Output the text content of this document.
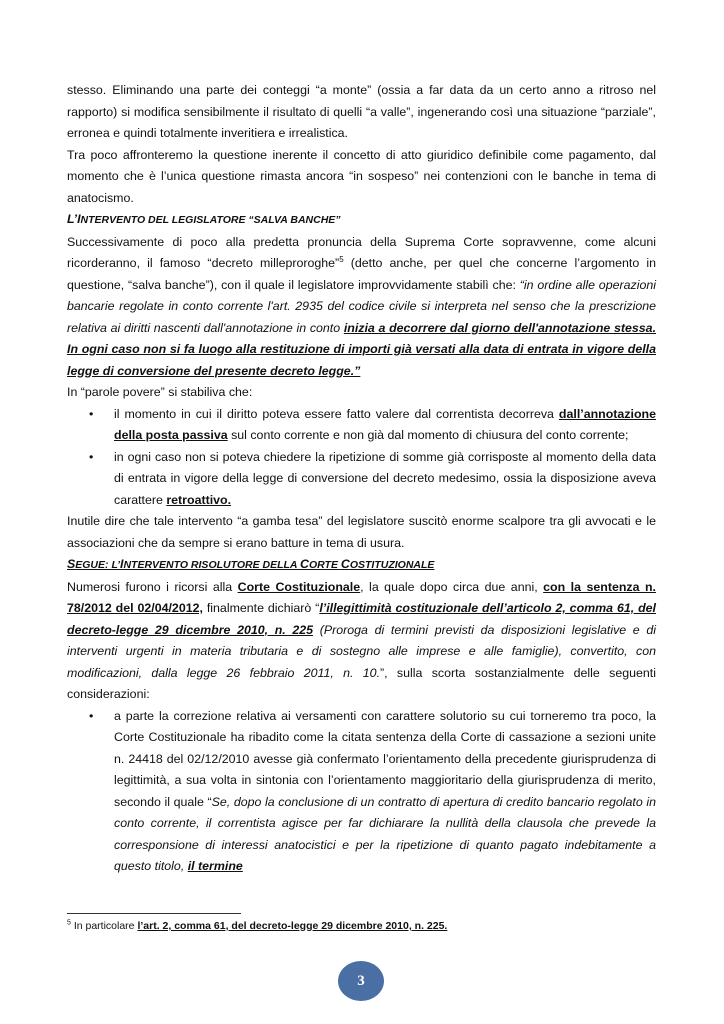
stesso. Eliminando una parte dei conteggi “a monte” (ossia a far data da un certo anno a ritroso nel rapporto) si modifica sensibilmente il risultato di quelli “a valle”, ingenerando così una situazione “parziale”, erronea e quindi totalmente inveritiera e irrealistica.

Tra poco affronteremo la questione inerente il concetto di atto giuridico definibile come pagamento, dal momento che è l’unica questione rimasta ancora “in sospeso” nei contenzioni con le banche in tema di anatocismo.

L’INTERVENTO DEL LEGISLATORE “SALVA BANCHE”

Successivamente di poco alla predetta pronuncia della Suprema Corte sopravvenne, come alcuni ricorderanno, il famoso “decreto milleproroghe”$^5$ (detto anche, per quel che concerne l’argomento in questione, “salva banche”), con il quale il legislatore improvvidamente stabilì che: “in ordine alle operazioni bancarie regolate in conto corrente l'art. 2935 del codice civile si interpreta nel senso che la prescrizione relativa ai diritti nascenti dall'annotazione in conto inizia a decorrere dal giorno dell'annotazione stessa. In ogni caso non si fa luogo alla restituzione di importi già versati alla data di entrata in vigore della legge di conversione del presente decreto legge.”

In “parole povere” si stabiliva che:

• il momento in cui il diritto poteva essere fatto valere dal correntista decorreva dall’annotazione della posta passiva sul conto corrente e non già dal momento di chiusura del conto corrente;
• in ogni caso non si poteva chiedere la ripetizione di somme già corrisposte al momento della data di entrata in vigore della legge di conversione del decreto medesimo, ossia la disposizione aveva carattere retroattivo.

Inutile dire che tale intervento “a gamba tesa” del legislatore suscitò enorme scalpore tra gli avvocati e le associazioni che da sempre si erano batture in tema di usura.

SEGUE: L’INTERVENTO RISOLUTORE DELLA CORTE COSTITUZIONALE

Numerosi furono i ricorsi alla Corte Costituzionale, la quale dopo circa due anni, con la sentenza n. 78/2012 del 02/04/2012, finalmente dichiarò “l’illegittimità costituzionale dell’articolo 2, comma 61, del decreto-legge 29 dicembre 2010, n. 225 (Proroga di termini previsti da disposizioni legislative e di interventi urgenti in materia tributaria e di sostegno alle imprese e alle famiglie), convertito, con modificazioni, dalla legge 26 febbraio 2011, n. 10.”, sulla scorta sostanzialmente delle seguenti considerazioni:

• a parte la correzione relativa ai versamenti con carattere solutorio su cui torneremo tra poco, la Corte Costituzionale ha ribadito come la citata sentenza della Corte di cassazione a sezioni unite n. 24418 del 02/12/2010 avesse già confermato l’orientamento della precedente giurisprudenza di legittimità, a sua volta in sintonia con l’orientamento maggioritario della giurisprudenza di merito, secondo il quale “Se, dopo la conclusione di un contratto di apertura di credito bancario regolato in conto corrente, il correntista agisce per far dichiarare la nullità della clausola che prevede la corresponsione di interessi anatocistici e per la ripetizione di quanto pagato indebitamente a questo titolo, il termine
$^5$ In particolare l’art. 2, comma 61, del decreto-legge 29 dicembre 2010, n. 225.
3
